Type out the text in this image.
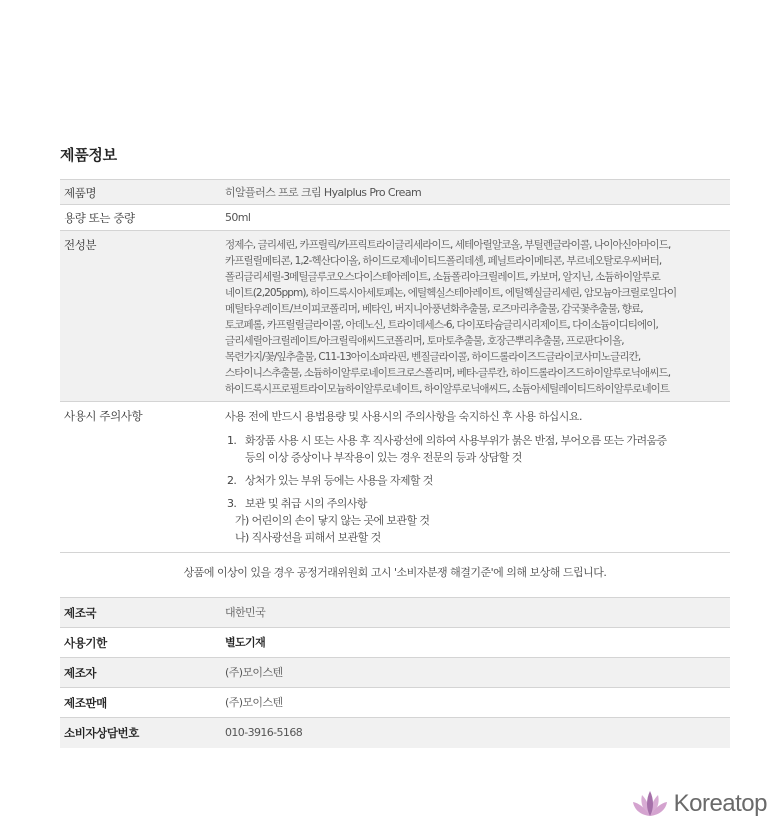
제품정보
제품명	히알플러스 프로 크림 Hyalplus Pro Cream
용량 또는 중량	50ml
전성분	정제수, 글리세린, 카프릴릭/카프릭트라이글리세라이드, 세테아릴알코올, 부틸렌글라이콜, 나이아신아마이드,
카프릴릴메티콘, 1,2-헥산다이올, 하이드로제네이티드폴리데센, 페닐트라이메티콘, 부르네오탈로우씨버터,
폴리글리세릴-3메틸글루코오스다이스테아레이트, 소듐폴리아크릴레이트, 카보머, 알지닌, 소듐하이알루로
네이트(2,205ppm), 하이드록시아세토페논, 에틸헥실스테아레이트, 에틸헥실글리세린, 암모늄아크릴로일다이
메틸타우레이트/브이피코폴리머, 베타인, 버지니아풍년화추출물, 로즈마리추출물, 감국꽃추출물, 향료,
토코페롤, 카프릴릴글라이콜, 아데노신, 트라이데세스-6, 다이포타슘글리시리제이트, 다이소듐이디티에이,
글리세릴아크릴레이트/아크릴릭애씨드코폴리머, 토마토추출물, 호장근뿌리추출물, 프로판다이올,
목련가지/꽃/잎추출물, C11-13아이소파라핀, 벤질글라이콜, 하이드롤라이즈드글라이코사미노글리칸,
스타이니스추출물, 소듐하이알루로네이트크로스폴리머, 베타-글루칸, 하이드롤라이즈드하이알루로닉애씨드,
하이드록시프로필트라이모늄하이알루로네이트, 하이알루로닉애씨드, 소듐아세틸레이티드하이알루로네이트
사용시 주의사항	사용 전에 반드시 용법용량 및 사용시의 주의사항을 숙지하신 후 사용 하십시요.
1. 화장품 사용 시 또는 사용 후 직사광선에 의하여 사용부위가 붉은 반점, 부어오름 또는 가려움증
등의 이상 증상이나 부작용이 있는 경우 전문의 등과 상담할 것
2. 상처가 있는 부위 등에는 사용을 자제할 것
3. 보관 및 취급 시의 주의사항
가) 어린이의 손이 닿지 않는 곳에 보관할 것
나) 직사광선을 피해서 보관할 것
상품에 이상이 있을 경우 공정거래위원회 고시 '소비자분쟁 해결기준'에 의해 보상해 드립니다.
제조국	대한민국
사용기한	별도기재
제조자	(주)모이스텐
제조판매	(주)모이스텐
소비자상담번호	010-3916-5168
Koreatop
